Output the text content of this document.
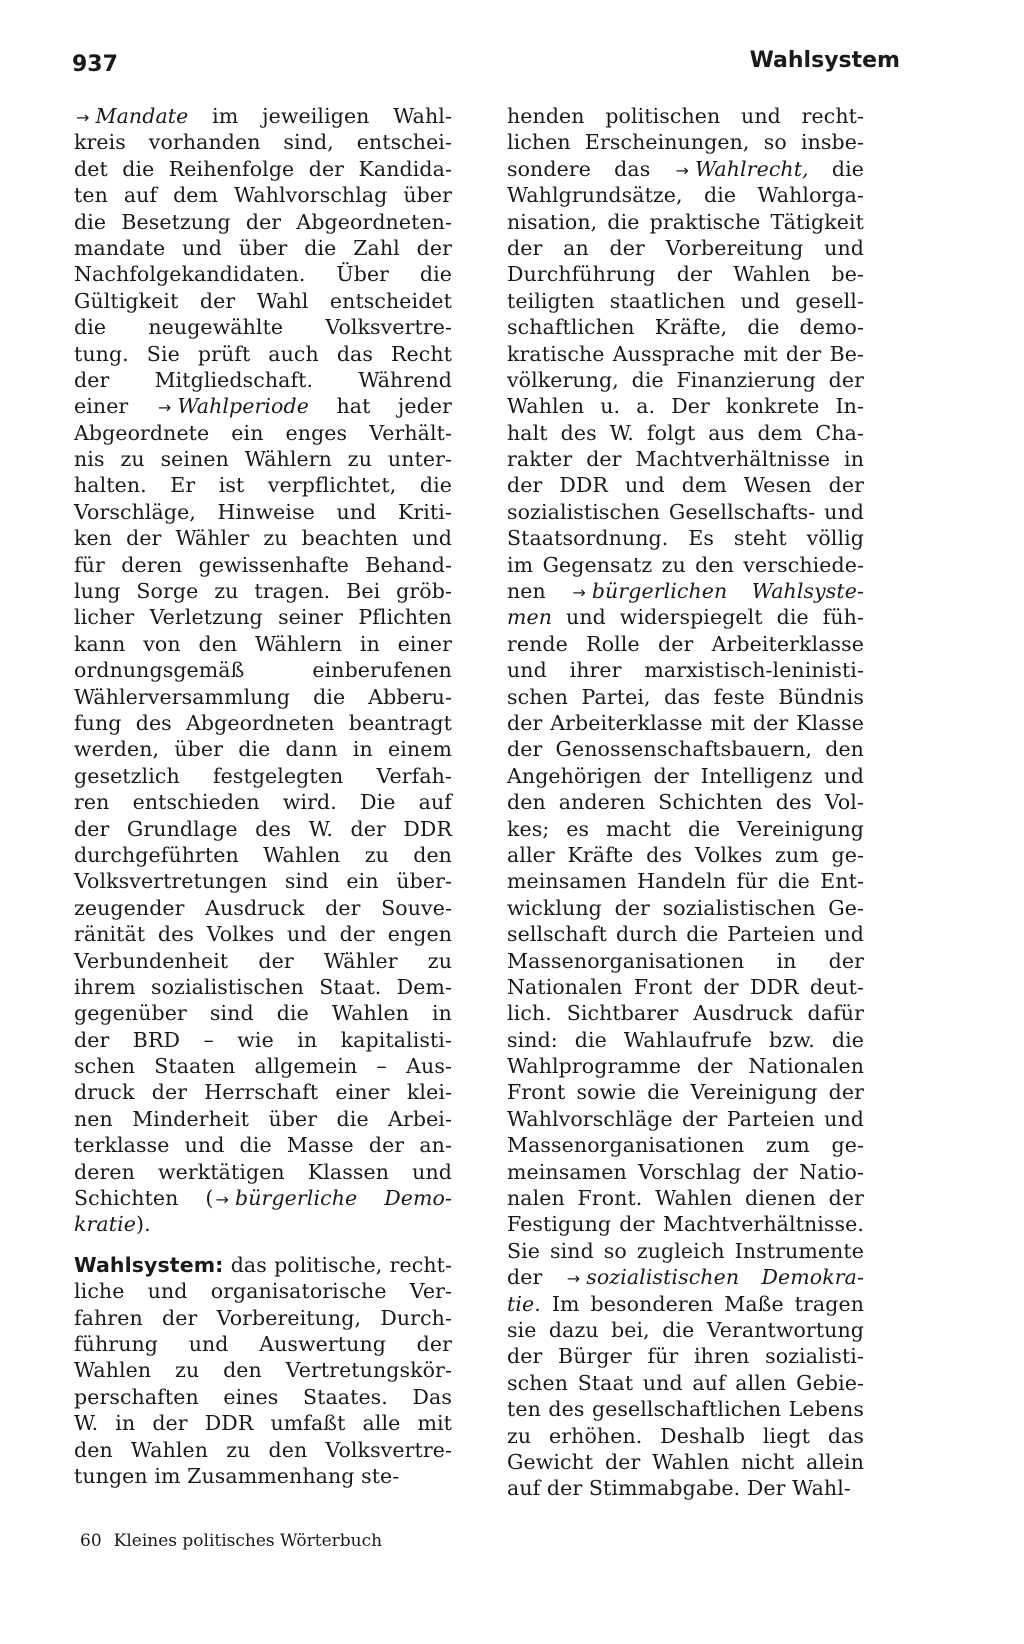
937	Wahlsystem
→ Mandate im jeweiligen Wahl-
kreis vorhanden sind, entschei-
det die Reihenfolge der Kandida-
ten auf dem Wahlvorschlag über
die Besetzung der Abgeordneten-
mandate und über die Zahl der
Nachfolgekandidaten. Über die
Gültigkeit der Wahl entscheidet
die neugewählte Volksvertre-
tung. Sie prüft auch das Recht
der Mitgliedschaft. Während
einer → Wahlperiode hat jeder
Abgeordnete ein enges Verhält-
nis zu seinen Wählern zu unter-
halten. Er ist verpflichtet, die
Vorschläge, Hinweise und Kriti-
ken der Wähler zu beachten und
für deren gewissenhafte Behand-
lung Sorge zu tragen. Bei gröb-
licher Verletzung seiner Pflichten
kann von den Wählern in einer
ordnungsgemäß einberufenen
Wählerversammlung die Abberu-
fung des Abgeordneten beantragt
werden, über die dann in einem
gesetzlich festgelegten Verfah-
ren entschieden wird. Die auf
der Grundlage des W. der DDR
durchgeführten Wahlen zu den
Volksvertretungen sind ein über-
zeugender Ausdruck der Souve-
ränität des Volkes und der engen
Verbundenheit der Wähler zu
ihrem sozialistischen Staat. Dem-
gegenüber sind die Wahlen in
der BRD – wie in kapitalisti-
schen Staaten allgemein – Aus-
druck der Herrschaft einer klei-
nen Minderheit über die Arbei-
terklasse und die Masse der an-
deren werktätigen Klassen und
Schichten ( → bürgerliche Demo-
kratie).
Wahlsystem: das politische, recht-
liche und organisatorische Ver-
fahren der Vorbereitung, Durch-
führung und Auswertung der
Wahlen zu den Vertretungskör-
perschaften eines Staates. Das
W. in der DDR umfaßt alle mit
den Wahlen zu den Volksvertre-
tungen im Zusammenhang ste-
henden politischen und recht-
lichen Erscheinungen, so insbe-
sondere das → Wahlrecht, die
Wahlgrundsätze, die Wahlorga-
nisation, die praktische Tätigkeit
der an der Vorbereitung und
Durchführung der Wahlen be-
teiligten staatlichen und gesell-
schaftlichen Kräfte, die demo-
kratische Aussprache mit der Be-
völkerung, die Finanzierung der
Wahlen u. a. Der konkrete In-
halt des W. folgt aus dem Cha-
rakter der Machtverhältnisse in
der DDR und dem Wesen der
sozialistischen Gesellschafts- und
Staatsordnung. Es steht völlig
im Gegensatz zu den verschiede-
nen → bürgerlichen Wahlsyste-
men und widerspiegelt die füh-
rende Rolle der Arbeiterklasse
und ihrer marxistisch-leninisti-
schen Partei, das feste Bündnis
der Arbeiterklasse mit der Klasse
der Genossenschaftsbauern, den
Angehörigen der Intelligenz und
den anderen Schichten des Vol-
kes; es macht die Vereinigung
aller Kräfte des Volkes zum ge-
meinsamen Handeln für die Ent-
wicklung der sozialistischen Ge-
sellschaft durch die Parteien und
Massenorganisationen in der
Nationalen Front der DDR deut-
lich. Sichtbarer Ausdruck dafür
sind: die Wahlaufrufe bzw. die
Wahlprogramme der Nationalen
Front sowie die Vereinigung der
Wahlvorschläge der Parteien und
Massenorganisationen zum ge-
meinsamen Vorschlag der Natio-
nalen Front. Wahlen dienen der
Festigung der Machtverhältnisse.
Sie sind so zugleich Instrumente
der → sozialistischen Demokra-
tie. Im besonderen Maße tragen
sie dazu bei, die Verantwortung
der Bürger für ihren sozialisti-
schen Staat und auf allen Gebie-
ten des gesellschaftlichen Lebens
zu erhöhen. Deshalb liegt das
Gewicht der Wahlen nicht allein
auf der Stimmabgabe. Der Wahl-
60 Kleines politisches Wörterbuch
